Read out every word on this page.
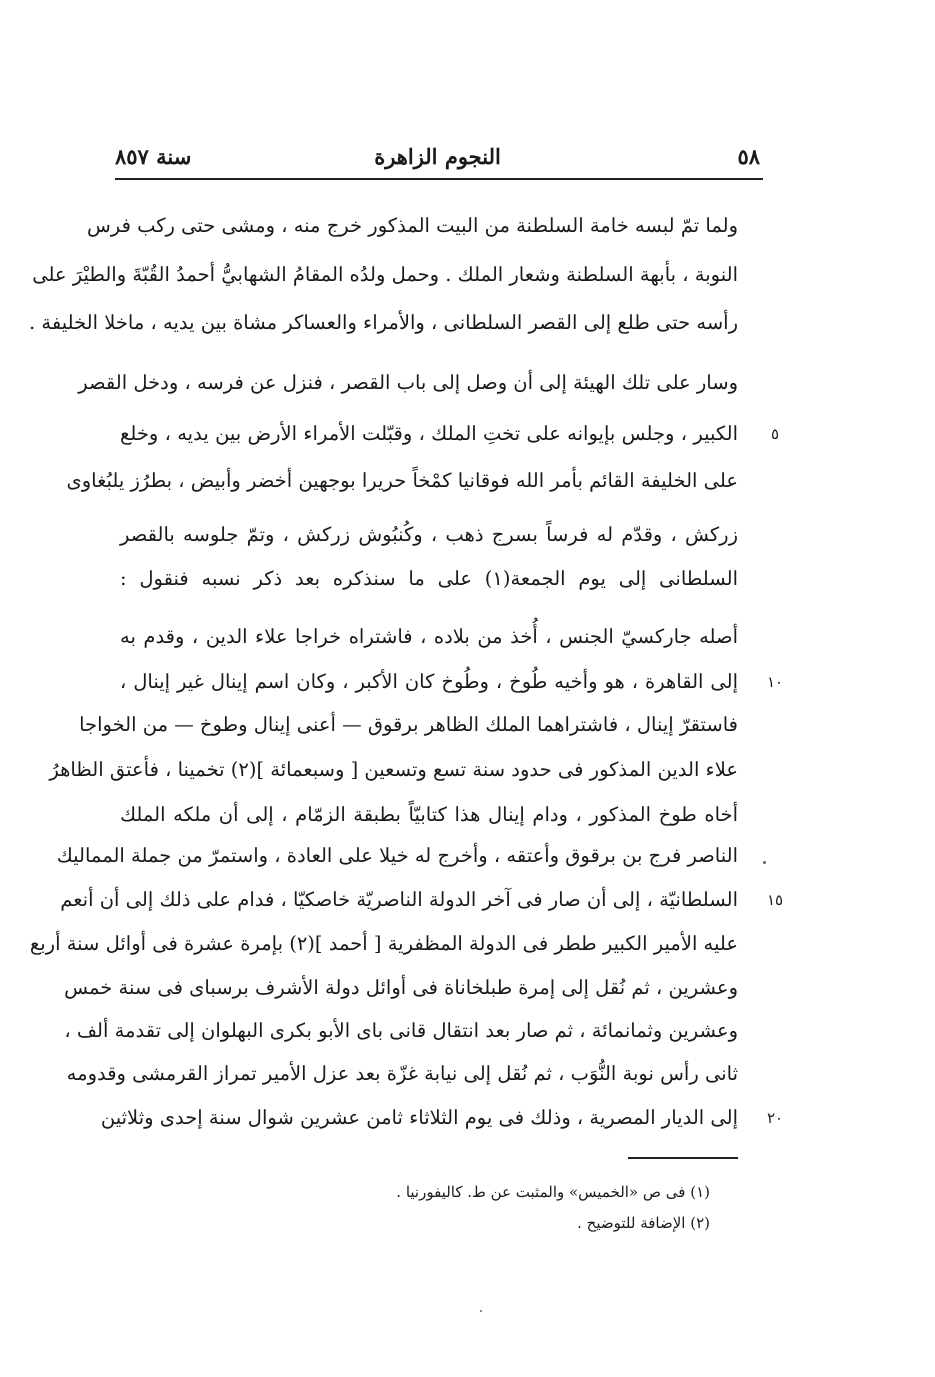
٥٨
النجوم الزاهرة
سنة ٨٥٧
ولما تمّ لبسه خامة السلطنة من البيت المذكور خرج منه ، ومشى حتى ركب فرس
النوبة ، بأبهة السلطنة وشعار الملك . وحمل ولدُه المقامُ الشهابيُّ أحمدُ القُبّةَ والطيْرَ على
رأسه حتى طلع إلى القصر السلطانى ، والأمراء والعساكر مشاة بين يديه ، ماخلا الخليفة .
وسار على تلك الهيئة إلى أن وصل إلى باب القصر ، فنزل عن فرسه ، ودخل القصر
الكبير ، وجلس بإيوانه على تختِ الملك ، وقبّلت الأمراء الأرض بين يديه ، وخلع
على الخليفة القائم بأمر الله فوقانيا كمْخاً حريرا بوجهين أخضر وأبيض ، بطرُز يلبُغاوى
زركش ، وقدّم له فرساً بسرج ذهب ، وكُنبُوش زركش ، وتمّ جلوسه بالقصر
السلطانى إلى يوم الجمعة(١) على ما سنذكره بعد ذكر نسبه فنقول :
أصله جاركسيّ الجنس ، أُخذ من بلاده ، فاشتراه خراجا علاء الدين ، وقدم به
إلى القاهرة ، هو وأخيه طُوخ ، وطُوخ كان الأكبر ، وكان اسم إينال غير إينال ،
فاستقرّ إينال ، فاشتراهما الملك الظاهر برقوق — أعنى إينال وطوخ — من الخواجا
علاء الدين المذكور فى حدود سنة تسع وتسعين [ وسبعمائة ](٢) تخمينا ، فأعتق الظاهرُ
أخاه طوخ المذكور ، ودام إينال هذا كتابيّاً بطبقة الزمّام ، إلى أن ملكه الملك
الناصر فرج بن برقوق وأعتقه ، وأخرج له خيلا على العادة ، واستمرّ من جملة المماليك
السلطانيّة ، إلى أن صار فى آخر الدولة الناصريّة خاصكيّا ، فدام على ذلك إلى أن أنعم
عليه الأمير الكبير ططر فى الدولة المظفرية [ أحمد ](٢) بإمرة عشرة فى أوائل سنة أربع
وعشرين ، ثم نُقل إلى إمرة طبلخاناة فى أوائل دولة الأشرف برسباى فى سنة خمس
وعشرين وثمانمائة ، ثم صار بعد انتقال قانى باى الأبو بكرى البهلوان إلى تقدمة ألف ،
ثانى رأس نوبة النُّوَب ، ثم نُقل إلى نيابة غزّة بعد عزل الأمير تمراز القرمشى وقدومه
إلى الديار المصرية ، وذلك فى يوم الثلاثاء ثامن عشرين شوال سنة إحدى وثلاثين
٥
١٠
١٥
٢٠
(١) فى ص «الخميس» والمثبت عن ط. كاليفورنيا .
(٢) الإضافة للتوضيح .
